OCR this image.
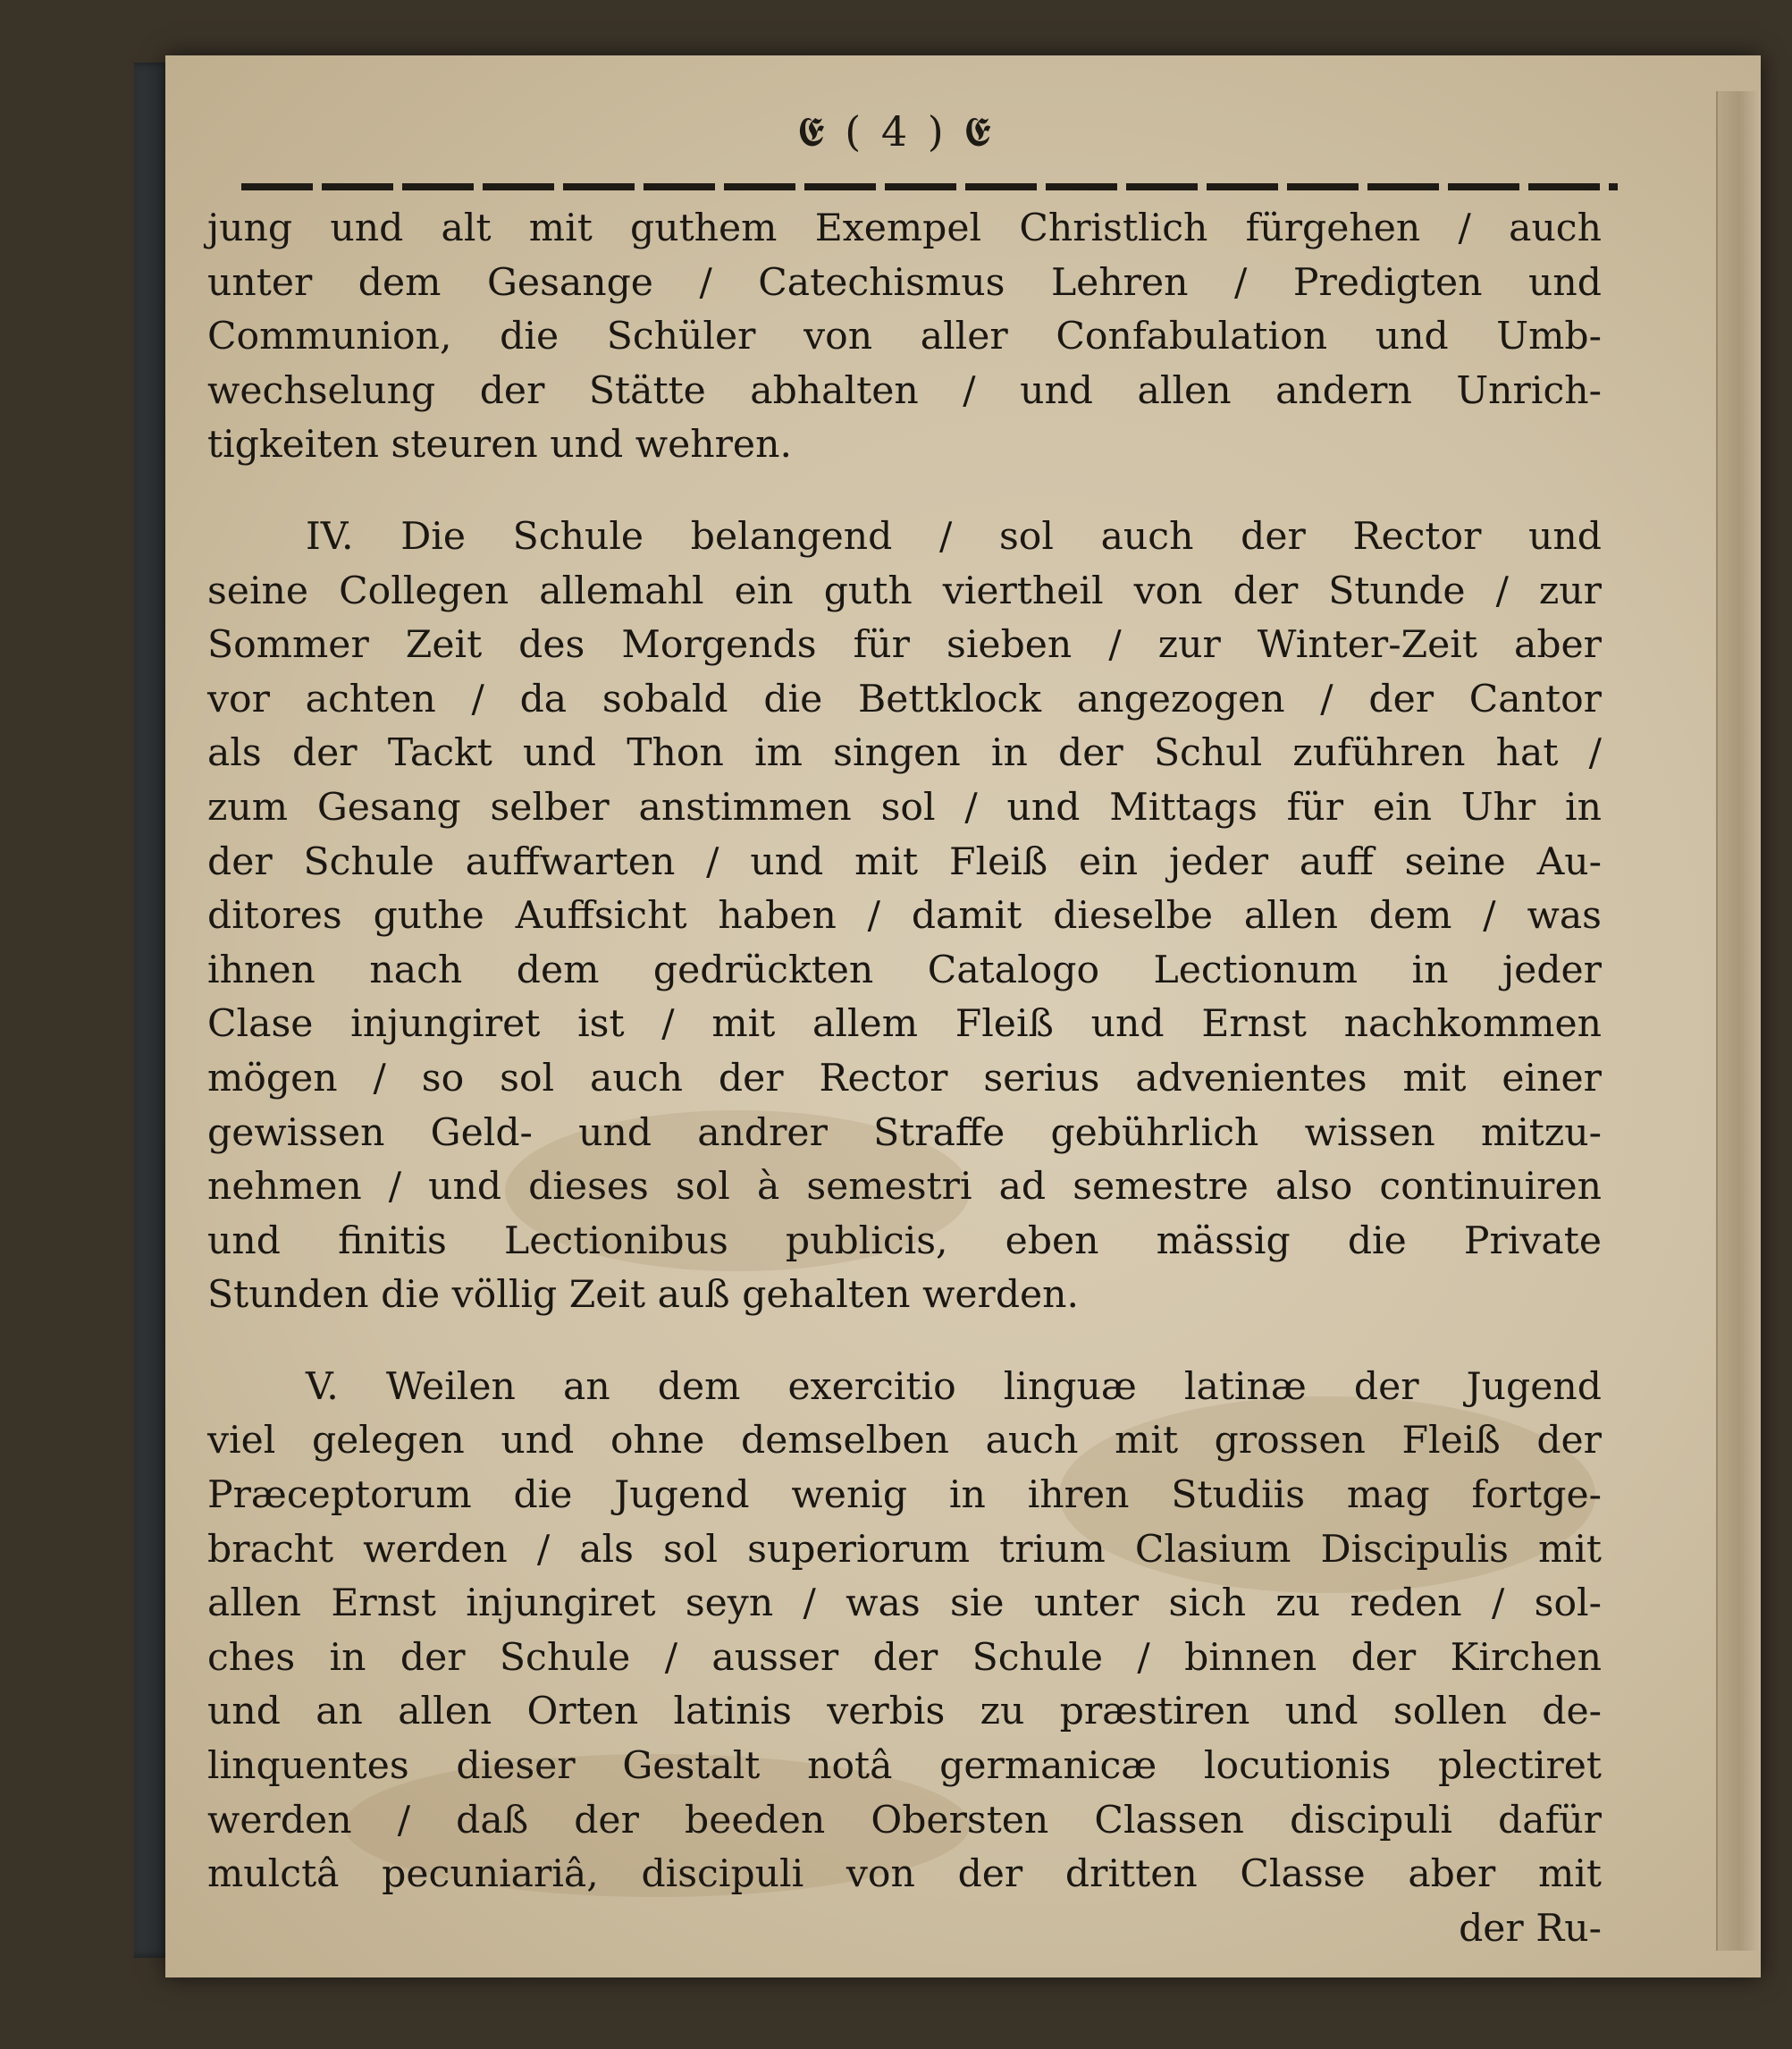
𝕰 ( 4 ) 𝕰
jung und alt mit guthem Exempel Christlich fürgehen / auch
unter dem Gesange / Catechismus Lehren / Predigten und
Communion, die Schüler von aller Confabulation und Umb-
wechselung der Stätte abhalten / und allen andern Unrich-
tigkeiten steuren und wehren.
IV. Die Schule belangend / sol auch der Rector und
seine Collegen allemahl ein guth viertheil von der Stunde / zur
Sommer Zeit des Morgends für sieben / zur Winter-Zeit aber
vor achten / da sobald die Bettklock angezogen / der Cantor
als der Tackt und Thon im singen in der Schul zuführen hat /
zum Gesang selber anstimmen sol / und Mittags für ein Uhr in
der Schule auffwarten / und mit Fleiß ein jeder auff seine Au-
ditores guthe Auffsicht haben / damit dieselbe allen dem / was
ihnen nach dem gedrückten Catalogo Lectionum in jeder
Clase injungiret ist / mit allem Fleiß und Ernst nachkommen
mögen / so sol auch der Rector serius advenientes mit einer
gewissen Geld- und andrer Straffe gebührlich wissen mitzu-
nehmen / und dieses sol à semestri ad semestre also continuiren
und finitis Lectionibus publicis, eben mässig die Private
Stunden die völlig Zeit auß gehalten werden.
V. Weilen an dem exercitio linguæ latinæ der Jugend
viel gelegen und ohne demselben auch mit grossen Fleiß der
Præceptorum die Jugend wenig in ihren Studiis mag fortge-
bracht werden / als sol superiorum trium Clasium Discipulis mit
allen Ernst injungiret seyn / was sie unter sich zu reden / sol-
ches in der Schule / ausser der Schule / binnen der Kirchen
und an allen Orten latinis verbis zu præstiren und sollen de-
linquentes dieser Gestalt notâ germanicæ locutionis plectiret
werden / daß der beeden Obersten Classen discipuli dafür
mulctâ pecuniariâ, discipuli von der dritten Classe aber mit
der Ru-
